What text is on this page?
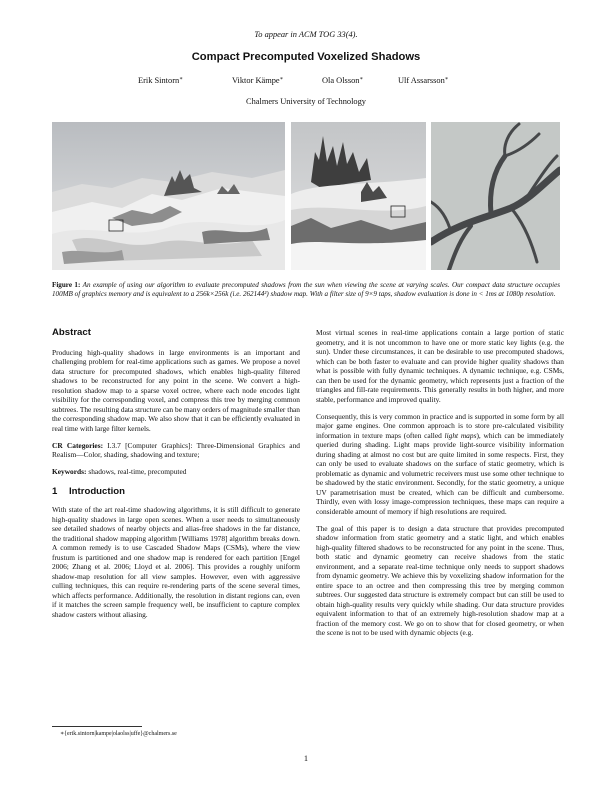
To appear in ACM TOG 33(4).
Compact Precomputed Voxelized Shadows
Erik Sintorn∗	Viktor Kämpe∗	Ola Olsson∗	Ulf Assarsson∗
Chalmers University of Technology
Figure 1: An example of using our algorithm to evaluate precomputed shadows from the sun when viewing the scene at varying scales. Our compact data structure occupies 100MB of graphics memory and is equivalent to a 256k×256k (i.e. 262144²) shadow map. With a filter size of 9×9 taps, shadow evaluation is done in < 1ms at 1080p resolution.
Abstract

Producing high-quality shadows in large environments is an important and challenging problem for real-time applications such as games. We propose a novel data structure for precomputed shadows, which enables high-quality filtered shadows to be reconstructed for any point in the scene. We convert a high-resolution shadow map to a sparse voxel octree, where each node encodes light visibility for the corresponding voxel, and compress this tree by merging common subtrees. The resulting data structure can be many orders of magnitude smaller than the corresponding shadow map. We also show that it can be efficiently evaluated in real time with large filter kernels.

CR Categories: I.3.7 [Computer Graphics]: Three-Dimensional Graphics and Realism—Color, shading, shadowing and texture;

Keywords: shadows, real-time, precomputed

1 Introduction

With state of the art real-time shadowing algorithms, it is still difficult to generate high-quality shadows in large open scenes. When a user needs to simultaneously see detailed shadows of nearby objects and alias-free shadows in the far distance, the traditional shadow mapping algorithm [Williams 1978] algorithm breaks down. A common remedy is to use Cascaded Shadow Maps (CSMs), where the view frustum is partitioned and one shadow map is rendered for each partition [Engel 2006; Zhang et al. 2006; Lloyd et al. 2006]. This provides a roughly uniform shadow-map resolution for all view samples. However, even with aggressive culling techniques, this can require re-rendering parts of the scene several times, which affects performance. Additionally, the resolution in distant regions can, even if it matches the screen sample frequency well, be insufficient to capture complex shadow casters without aliasing.

Most virtual scenes in real-time applications contain a large portion of static geometry, and it is not uncommon to have one or more static key lights (e.g. the sun). Under these circumstances, it can be desirable to use precomputed shadows, which can be both faster to evaluate and can provide higher quality shadows than what is possible with fully dynamic techniques. A dynamic technique, e.g. CSMs, can then be used for the dynamic geometry, which represents just a fraction of the triangles and fill-rate requirements. This generally results in both higher, and more stable, performance and improved quality.

Consequently, this is very common in practice and is supported in some form by all major game engines. One common approach is to store pre-calculated visibility information in texture maps (often called light maps), which can be immediately queried during shading. Light maps provide light-source visibility information during shading at almost no cost but are quite limited in some respects. First, they can only be used to evaluate shadows on the surface of static geometry, which is problematic as dynamic and volumetric receivers must use some other technique to be shadowed by the static environment. Secondly, for the static geometry, a unique UV parametrisation must be created, which can be difficult and cumbersome. Thirdly, even with lossy image-compression techniques, these maps can require a considerable amount of memory if high resolutions are required.

The goal of this paper is to design a data structure that provides precomputed shadow information from static geometry and a static light, and which enables high-quality filtered shadows to be reconstructed for any point in the scene. Thus, both static and dynamic geometry can receive shadows from the static environment, and a separate real-time technique only needs to support shadows from dynamic geometry. We achieve this by voxelizing shadow information for the entire space to an octree and then compressing this tree by merging common subtrees. Our suggested data structure is extremely compact but can still be used to obtain high-quality results very quickly while shading. Our data structure provides equivalent information to that of an extremely high-resolution shadow map at a fraction of the memory cost. We go on to show that for closed geometry, or when the scene is not to be used with dynamic objects (e.g.

∗{erik.sintorn|kampe|olaolss|uffe}@chalmers.se
1
